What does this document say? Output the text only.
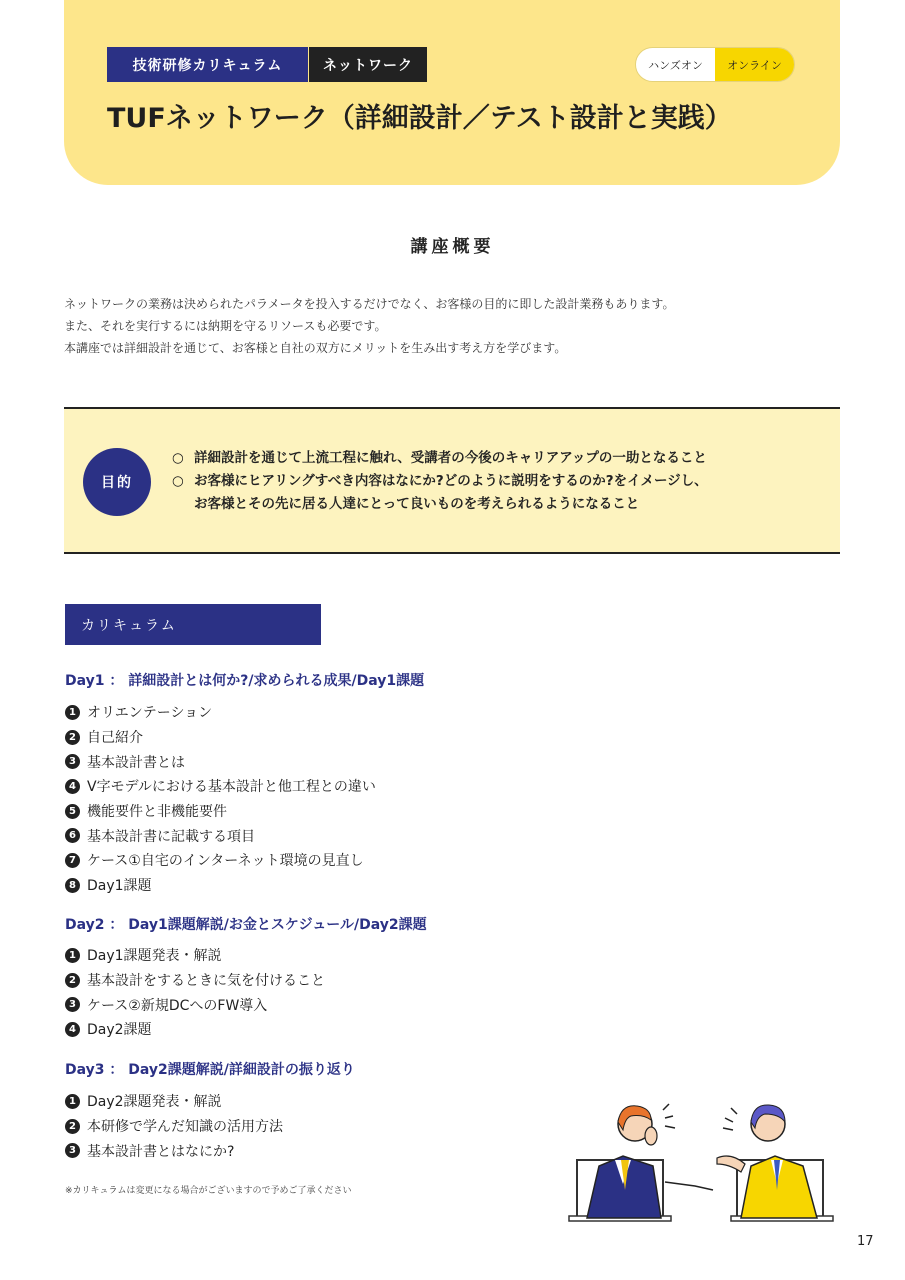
技術研修カリキュラム	ネットワーク	ハンズオン	オンライン
TUFネットワーク（詳細設計／テスト設計と実践）
講座概要
ネットワークの業務は決められたパラメータを投入するだけでなく、お客様の目的に即した設計業務もあります。
また、それを実行するには納期を守るリソースも必要です。
本講座では詳細設計を通じて、お客様と自社の双方にメリットを生み出す考え方を学びます。
目的
○ 詳細設計を通じて上流工程に触れ、受講者の今後のキャリアアップの一助となること
○ お客様にヒアリングすべき内容はなにか?どのように説明をするのか?をイメージし、
お客様とその先に居る人達にとって良いものを考えられるようになること
カリキュラム
Day1 ： 詳細設計とは何か?/求められる成果/Day1課題
1 オリエンテーション
2 自己紹介
3 基本設計書とは
4 V字モデルにおける基本設計と他工程との違い
5 機能要件と非機能要件
6 基本設計書に記載する項目
7 ケース①自宅のインターネット環境の見直し
8 Day1課題
Day2 ： Day1課題解説/お金とスケジュール/Day2課題
1 Day1課題発表・解説
2 基本設計をするときに気を付けること
3 ケース②新規DCへのFW導入
4 Day2課題
Day3 ： Day2課題解説/詳細設計の振り返り
1 Day2課題発表・解説
2 本研修で学んだ知識の活用方法
3 基本設計書とはなにか?
※カリキュラムは変更になる場合がございますので予めご了承ください
17
